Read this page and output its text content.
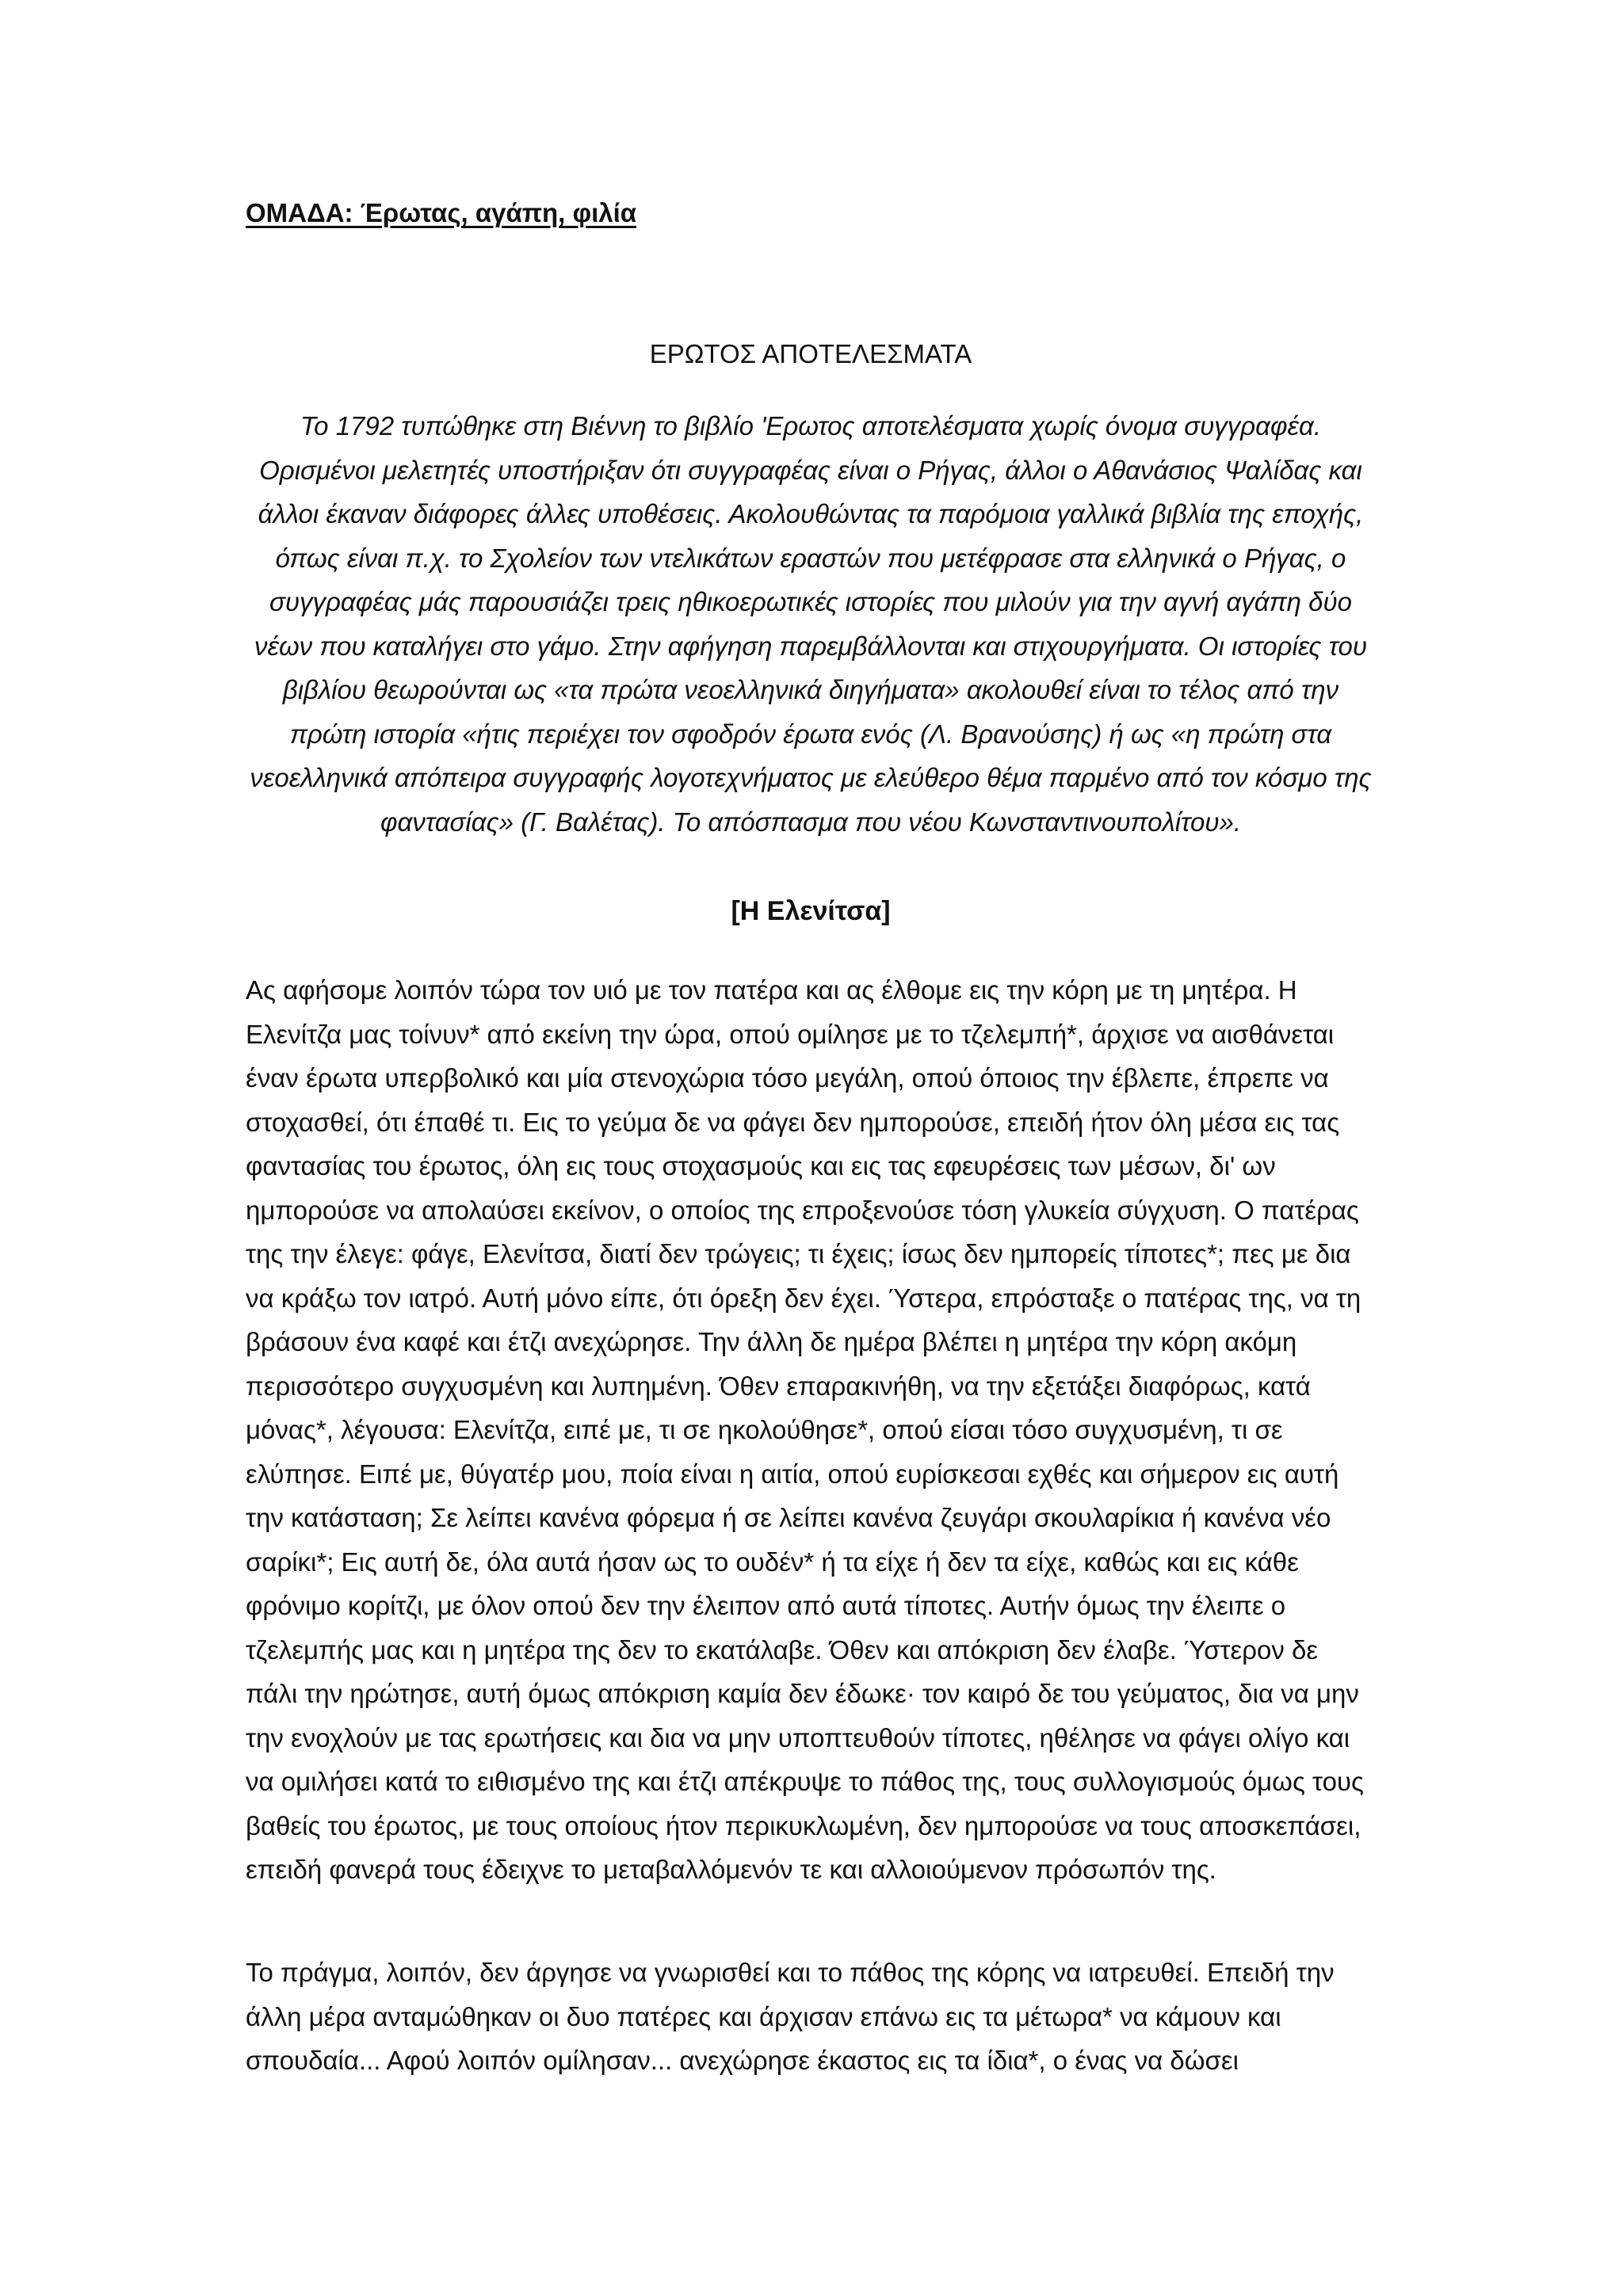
ΟΜΑΔΑ: Έρωτας, αγάπη, φιλία
ΕΡΩΤΟΣ ΑΠΟΤΕΛΕΣΜΑΤΑ

Το 1792 τυπώθηκε στη Βιέννη το βιβλίο 'Ερωτος αποτελέσματα χωρίς όνομα συγγραφέα. Ορισμένοι μελετητές υποστήριξαν ότι συγγραφέας είναι ο Ρήγας, άλλοι ο Αθανάσιος Ψαλίδας και άλλοι έκαναν διάφορες άλλες υποθέσεις. Ακολουθώντας τα παρόμοια γαλλικά βιβλία της εποχής, όπως είναι π.χ. το Σχολείον των ντελικάτων εραστών που μετέφρασε στα ελληνικά ο Ρήγας, ο συγγραφέας μάς παρουσιάζει τρεις ηθικοερωτικές ιστορίες που μιλούν για την αγνή αγάπη δύο νέων που καταλήγει στο γάμο. Στην αφήγηση παρεμβάλλονται και στιχουργήματα. Οι ιστορίες του βιβλίου θεωρούνται ως «τα πρώτα νεοελληνικά διηγήματα» ακολουθεί είναι το τέλος από την πρώτη ιστορία «ήτις περιέχει τον σφοδρόν έρωτα ενός (Λ. Βρανούσης) ή ως «η πρώτη στα νεοελληνικά απόπειρα συγγραφής λογοτεχνήματος με ελεύθερο θέμα παρμένο από τον κόσμο της φαντασίας» (Γ. Βαλέτας). Το απόσπασμα που νέου Κωνσταντινουπολίτου».

[Η Ελενίτσα]

Ας αφήσομε λοιπόν τώρα τον υιό με τον πατέρα και ας έλθομε εις την κόρη με τη μητέρα. Η Ελενίτζα μας τοίνυν* από εκείνη την ώρα, οπού ομίλησε με το τζελεμπή*, άρχισε να αισθάνεται έναν έρωτα υπερβολικό και μία στενοχώρια τόσο μεγάλη, οπού όποιος την έβλεπε, έπρεπε να στοχασθεί, ότι έπαθέ τι. Εις το γεύμα δε να φάγει δεν ημπορούσε, επειδή ήτον όλη μέσα εις τας φαντασίας του έρωτος, όλη εις τους στοχασμούς και εις τας εφευρέσεις των μέσων, δι' ων ημπορούσε να απολαύσει εκείνον, ο οποίος της επροξενούσε τόση γλυκεία σύγχυση. Ο πατέρας της την έλεγε: φάγε, Ελενίτσα, διατί δεν τρώγεις; τι έχεις; ίσως δεν ημπορείς τίποτες*; πες με δια να κράξω τον ιατρό. Αυτή μόνο είπε, ότι όρεξη δεν έχει. Ύστερα, επρόσταξε ο πατέρας της, να τη βράσουν ένα καφέ και έτζι ανεχώρησε. Την άλλη δε ημέρα βλέπει η μητέρα την κόρη ακόμη περισσότερο συγχυσμένη και λυπημένη. Όθεν επαρακινήθη, να την εξετάξει διαφόρως, κατά μόνας*, λέγουσα: Ελενίτζα, ειπέ με, τι σε ηκολούθησε*, οπού είσαι τόσο συγχυσμένη, τι σε ελύπησε. Ειπέ με, θύγατέρ μου, ποία είναι η αιτία, οπού ευρίσκεσαι εχθές και σήμερον εις αυτή την κατάσταση; Σε λείπει κανένα φόρεμα ή σε λείπει κανένα ζευγάρι σκουλαρίκια ή κανένα νέο σαρίκι*; Εις αυτή δε, όλα αυτά ήσαν ως το ουδέν* ή τα είχε ή δεν τα είχε, καθώς και εις κάθε φρόνιμο κορίτζι, με όλον οπού δεν την έλειπον από αυτά τίποτες. Αυτήν όμως την έλειπε ο τζελεμπής μας και η μητέρα της δεν το εκατάλαβε. Όθεν και απόκριση δεν έλαβε. Ύστερον δε πάλι την ηρώτησε, αυτή όμως απόκριση καμία δεν έδωκε· τον καιρό δε του γεύματος, δια να μην την ενοχλούν με τας ερωτήσεις και δια να μην υποπτευθούν τίποτες, ηθέλησε να φάγει ολίγο και να ομιλήσει κατά το ειθισμένο της και έτζι απέκρυψε το πάθος της, τους συλλογισμούς όμως τους βαθείς του έρωτος, με τους οποίους ήτον περικυκλωμένη, δεν ημπορούσε να τους αποσκεπάσει, επειδή φανερά τους έδειχνε το μεταβαλλόμενόν τε και αλλοιούμενον πρόσωπόν της.

Το πράγμα, λοιπόν, δεν άργησε να γνωρισθεί και το πάθος της κόρης να ιατρευθεί. Επειδή την άλλη μέρα ανταμώθηκαν οι δυο πατέρες και άρχισαν επάνω εις τα μέτωρα* να κάμουν και σπουδαία... Αφού λοιπόν ομίλησαν... ανεχώρησε έκαστος εις τα ίδια*, ο ένας να δώσει
